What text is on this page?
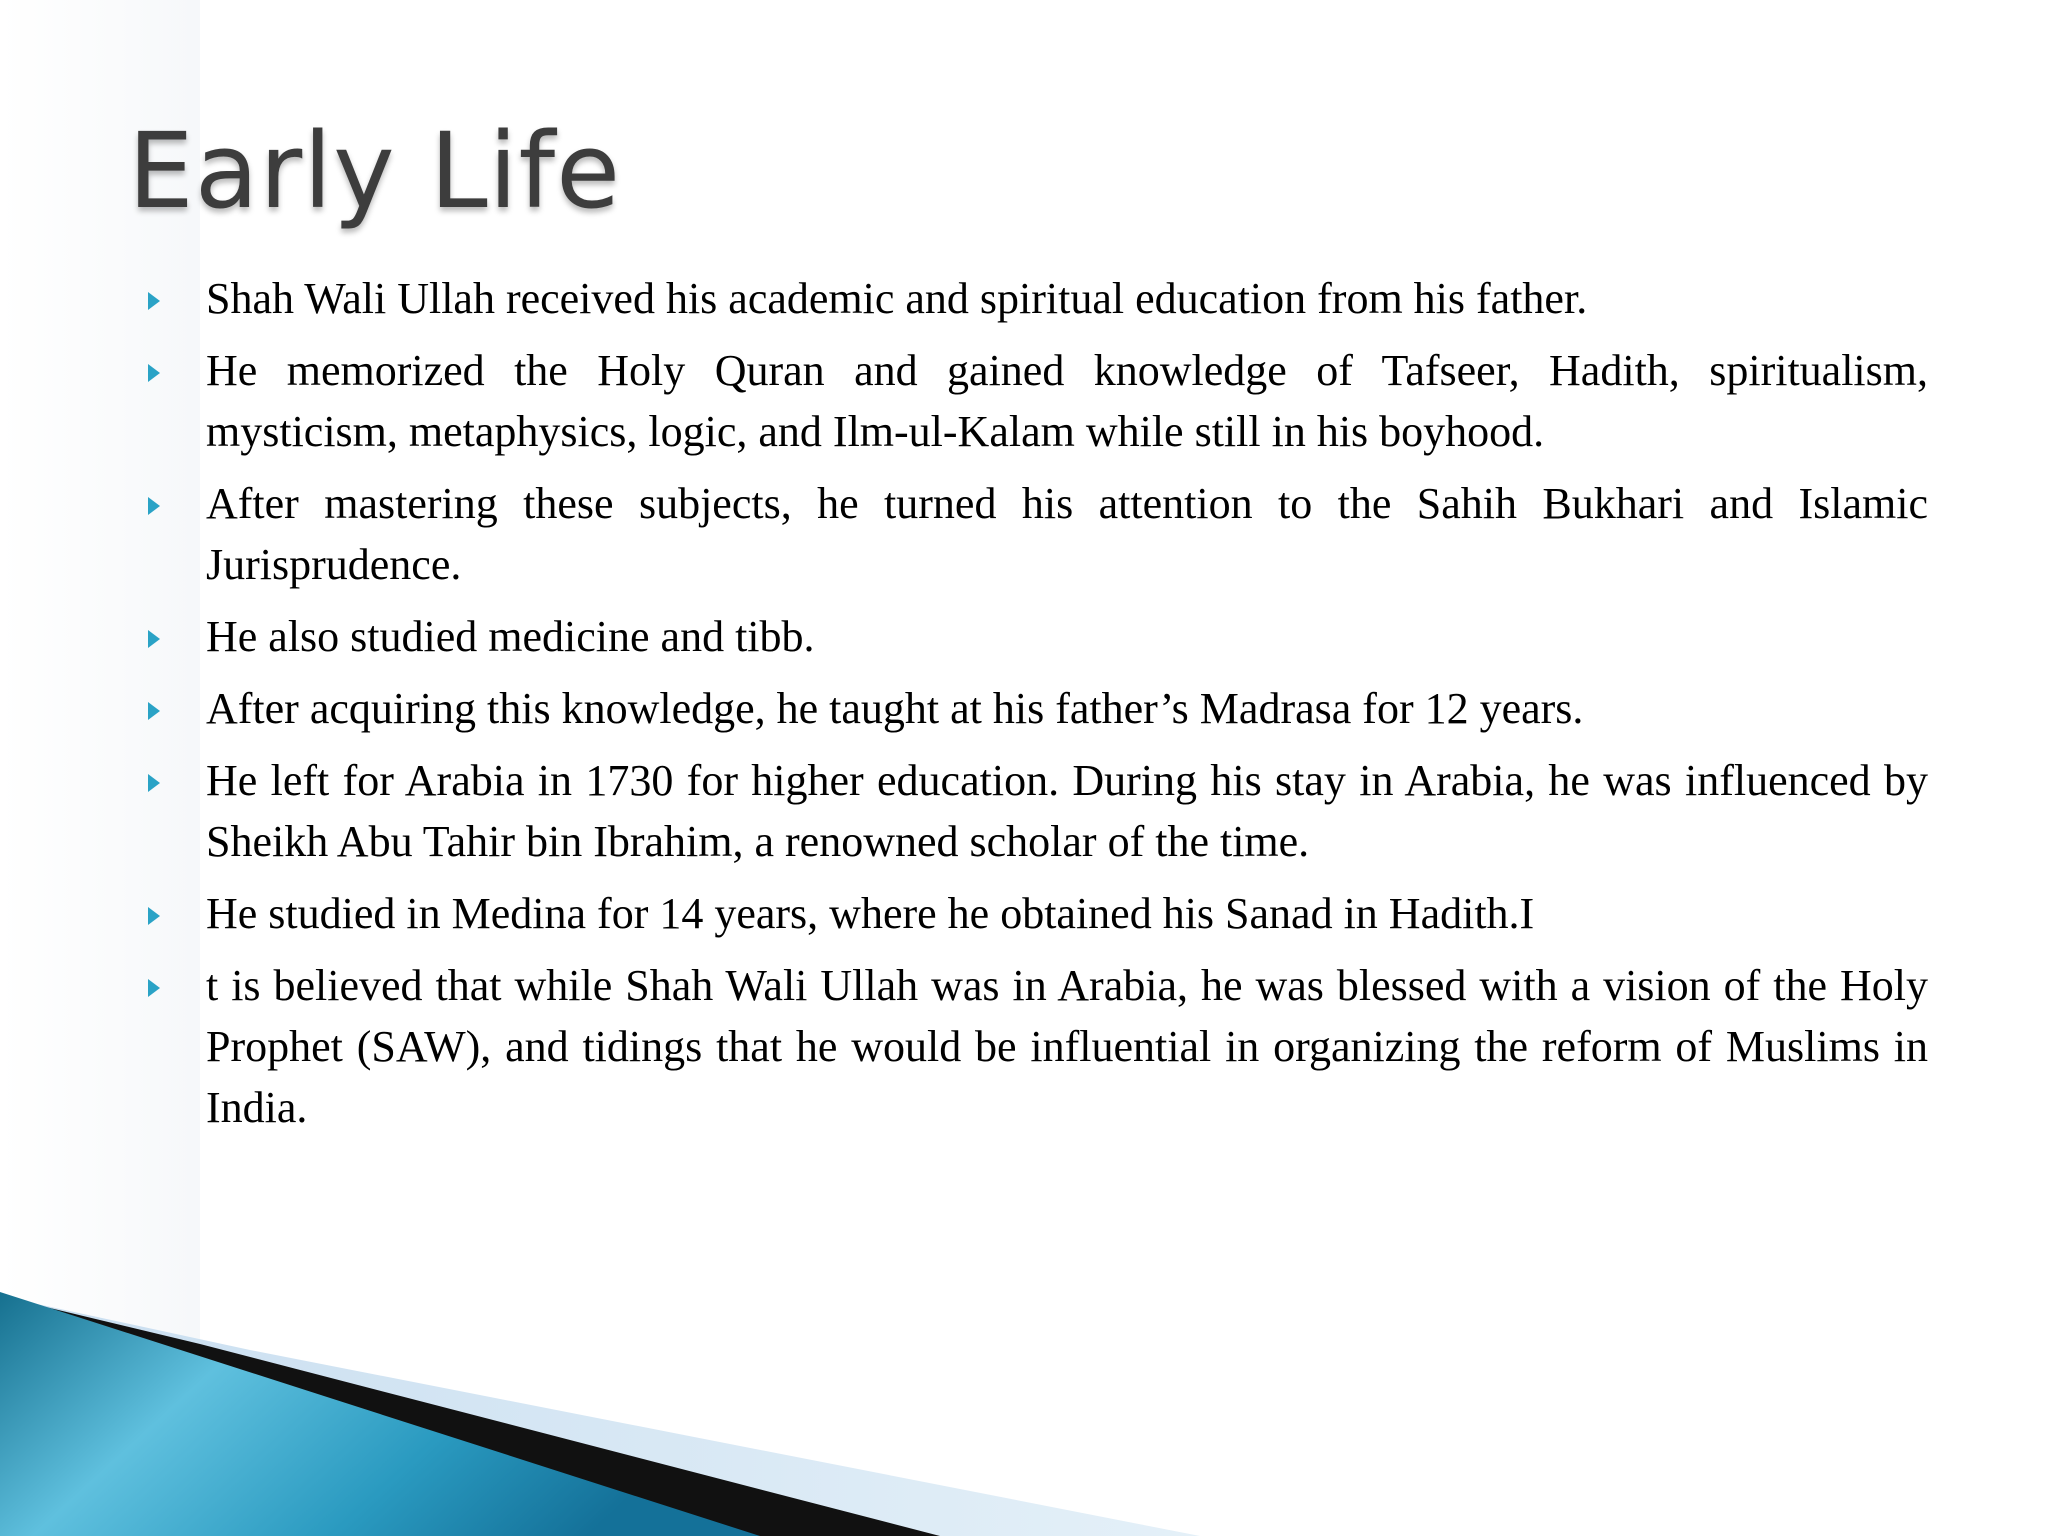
Early Life
Shah Wali Ullah received his academic and spiritual education from his father.
He memorized the Holy Quran and gained knowledge of Tafseer, Hadith, spiritualism, mysticism, metaphysics, logic, and Ilm-ul-Kalam while still in his boyhood.
After mastering these subjects, he turned his attention to the Sahih Bukhari and Islamic Jurisprudence.
He also studied medicine and tibb.
After acquiring this knowledge, he taught at his father’s Madrasa for 12 years.
He left for Arabia in 1730 for higher education. During his stay in Arabia, he was influenced by Sheikh Abu Tahir bin Ibrahim, a renowned scholar of the time.
He studied in Medina for 14 years, where he obtained his Sanad in Hadith.I
t is believed that while Shah Wali Ullah was in Arabia, he was blessed with a vision of the Holy Prophet (SAW), and tidings that he would be influential in organizing the reform of Muslims in India.
